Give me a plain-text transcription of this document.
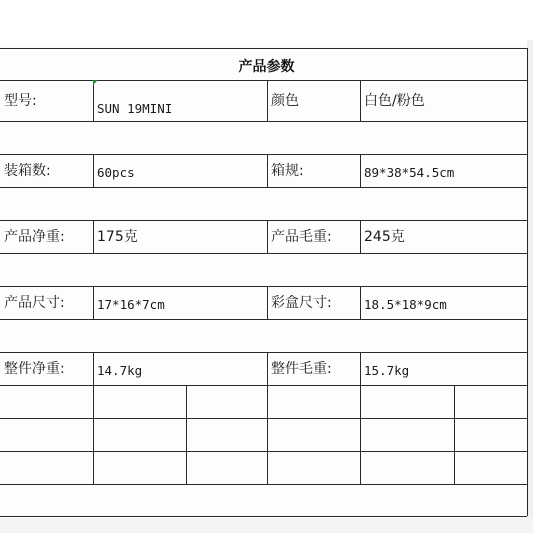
产品参数
型号:	SUN 19MINI	颜色	白色/粉色
装箱数:	60pcs	箱规:	89*38*54.5cm
产品净重: 175克	产品毛重: 245克
产品尺寸:	17*16*7cm	彩盒尺寸:	18.5*18*9cm
整件净重:	14.7kg	整件毛重:	15.7kg
